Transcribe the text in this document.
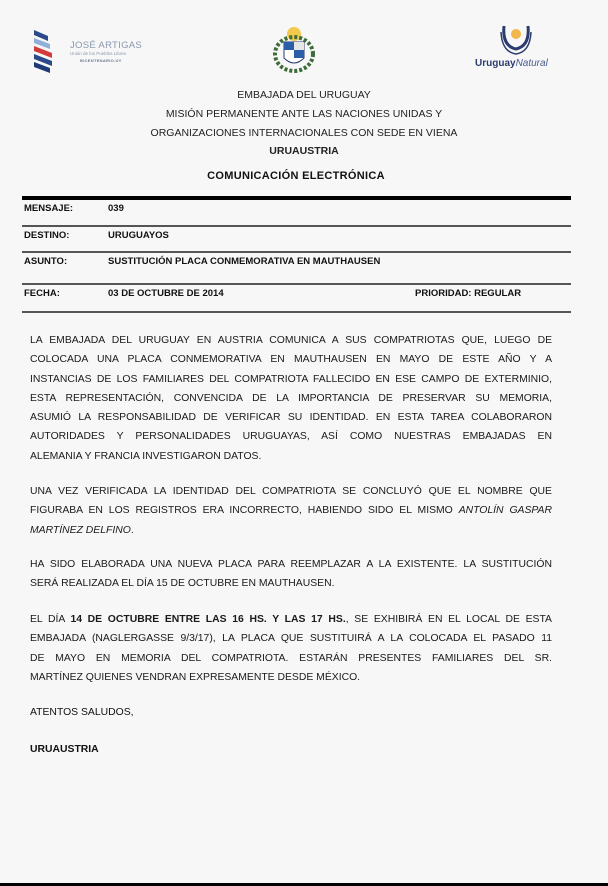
JOSÉ ARTIGAS
Unión de los Pueblos Libres
BICENTENARIO.UY	UruguayNatural
EMBAJADA DEL URUGUAY
MISIÓN PERMANENTE ANTE LAS NACIONES UNIDAS Y
ORGANIZACIONES INTERNACIONALES CON SEDE EN VIENA
URUAUSTRIA
COMUNICACIÓN ELECTRÓNICA
MENSAJE:	039
DESTINO:	URUGUAYOS
ASUNTO:	SUSTITUCIÓN PLACA CONMEMORATIVA EN MAUTHAUSEN
FECHA:	03 DE OCTUBRE DE 2014	PRIORIDAD: REGULAR
LA EMBAJADA DEL URUGUAY EN AUSTRIA COMUNICA A SUS COMPATRIOTAS QUE, LUEGO DE
COLOCADA UNA PLACA CONMEMORATIVA EN MAUTHAUSEN EN MAYO DE ESTE AÑO Y A
INSTANCIAS DE LOS FAMILIARES DEL COMPATRIOTA FALLECIDO EN ESE CAMPO DE EXTERMINIO,
ESTA REPRESENTACIÓN, CONVENCIDA DE LA IMPORTANCIA DE PRESERVAR SU MEMORIA,
ASUMIÓ LA RESPONSABILIDAD DE VERIFICAR SU IDENTIDAD. EN ESTA TAREA COLABORARON
AUTORIDADES Y PERSONALIDADES URUGUAYAS, ASÍ COMO NUESTRAS EMBAJADAS EN
ALEMANIA Y FRANCIA INVESTIGARON DATOS.
UNA VEZ VERIFICADA LA IDENTIDAD DEL COMPATRIOTA SE CONCLUYÓ QUE EL NOMBRE QUE
FIGURABA EN LOS REGISTROS ERA INCORRECTO, HABIENDO SIDO EL MISMO ANTOLÍN GASPAR
MARTÍNEZ DELFINO.
HA SIDO ELABORADA UNA NUEVA PLACA PARA REEMPLAZAR A LA EXISTENTE. LA SUSTITUCIÓN
SERÁ REALIZADA EL DÍA 15 DE OCTUBRE EN MAUTHAUSEN.
EL DÍA 14 DE OCTUBRE ENTRE LAS 16 HS. Y LAS 17 HS., SE EXHIBIRÁ EN EL LOCAL DE ESTA
EMBAJADA (NAGLERGASSE 9/3/17), LA PLACA QUE SUSTITUIRÁ A LA COLOCADA EL PASADO 11
DE MAYO EN MEMORIA DEL COMPATRIOTA. ESTARÁN PRESENTES FAMILIARES DEL SR.
MARTÍNEZ QUIENES VENDRAN EXPRESAMENTE DESDE MÉXICO.
ATENTOS SALUDOS,
URUAUSTRIA
